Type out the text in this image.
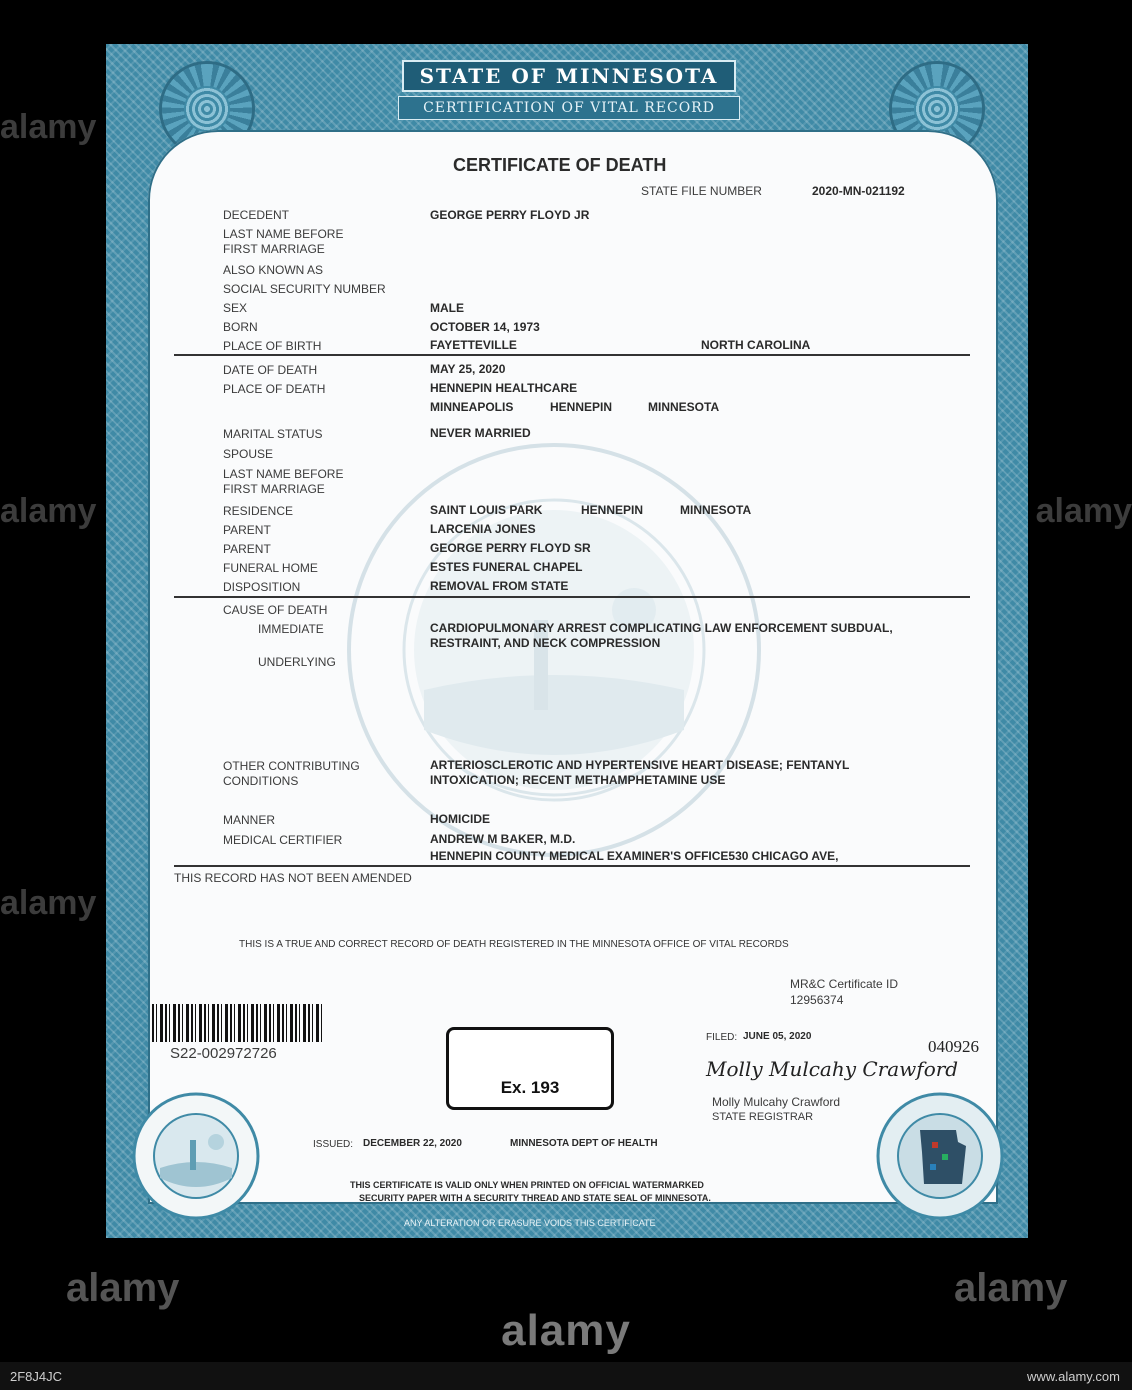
alamy
alamy
alamy
alamy
alamy	alamy
alamy
2F8J4JC	www.alamy.com
STATE OF MINNESOTA
CERTIFICATION OF VITAL RECORD
CERTIFICATE OF DEATH
STATE FILE NUMBER	2020-MN-021192
DECEDENT	GEORGE PERRY FLOYD JR
LAST NAME BEFORE
FIRST MARRIAGE
ALSO KNOWN AS
SOCIAL SECURITY NUMBER
SEX	MALE
BORN	OCTOBER 14, 1973
PLACE OF BIRTH	FAYETTEVILLE	NORTH CAROLINA
DATE OF DEATH	MAY 25, 2020
PLACE OF DEATH	HENNEPIN HEALTHCARE
MINNEAPOLIS	HENNEPIN	MINNESOTA
MARITAL STATUS	NEVER MARRIED
SPOUSE
LAST NAME BEFORE
FIRST MARRIAGE
RESIDENCE	SAINT LOUIS PARK	HENNEPIN	MINNESOTA
PARENT	LARCENIA JONES
PARENT	GEORGE PERRY FLOYD SR
FUNERAL HOME	ESTES FUNERAL CHAPEL
DISPOSITION	REMOVAL FROM STATE
CAUSE OF DEATH
IMMEDIATE	CARDIOPULMONARY ARREST COMPLICATING LAW ENFORCEMENT SUBDUAL,
RESTRAINT, AND NECK COMPRESSION
UNDERLYING
OTHER CONTRIBUTING
CONDITIONS
ARTERIOSCLEROTIC AND HYPERTENSIVE HEART DISEASE; FENTANYL
INTOXICATION; RECENT METHAMPHETAMINE USE
MANNER	HOMICIDE
MEDICAL CERTIFIER	ANDREW M BAKER, M.D.
HENNEPIN COUNTY MEDICAL EXAMINER'S OFFICE530 CHICAGO AVE,
THIS RECORD HAS NOT BEEN AMENDED
THIS IS A TRUE AND CORRECT RECORD OF DEATH REGISTERED IN THE MINNESOTA OFFICE OF VITAL RECORDS
MR&C Certificate ID
12956374
S22-002972726
Ex. 193
FILED: JUNE 05, 2020
040926
Molly Mulcahy Crawford
Molly Mulcahy Crawford
STATE REGISTRAR
ISSUED: DECEMBER 22, 2020	MINNESOTA DEPT OF HEALTH
THIS CERTIFICATE IS VALID ONLY WHEN PRINTED ON OFFICIAL WATERMARKED
SECURITY PAPER WITH A SECURITY THREAD AND STATE SEAL OF MINNESOTA.
ANY ALTERATION OR ERASURE VOIDS THIS CERTIFICATE
